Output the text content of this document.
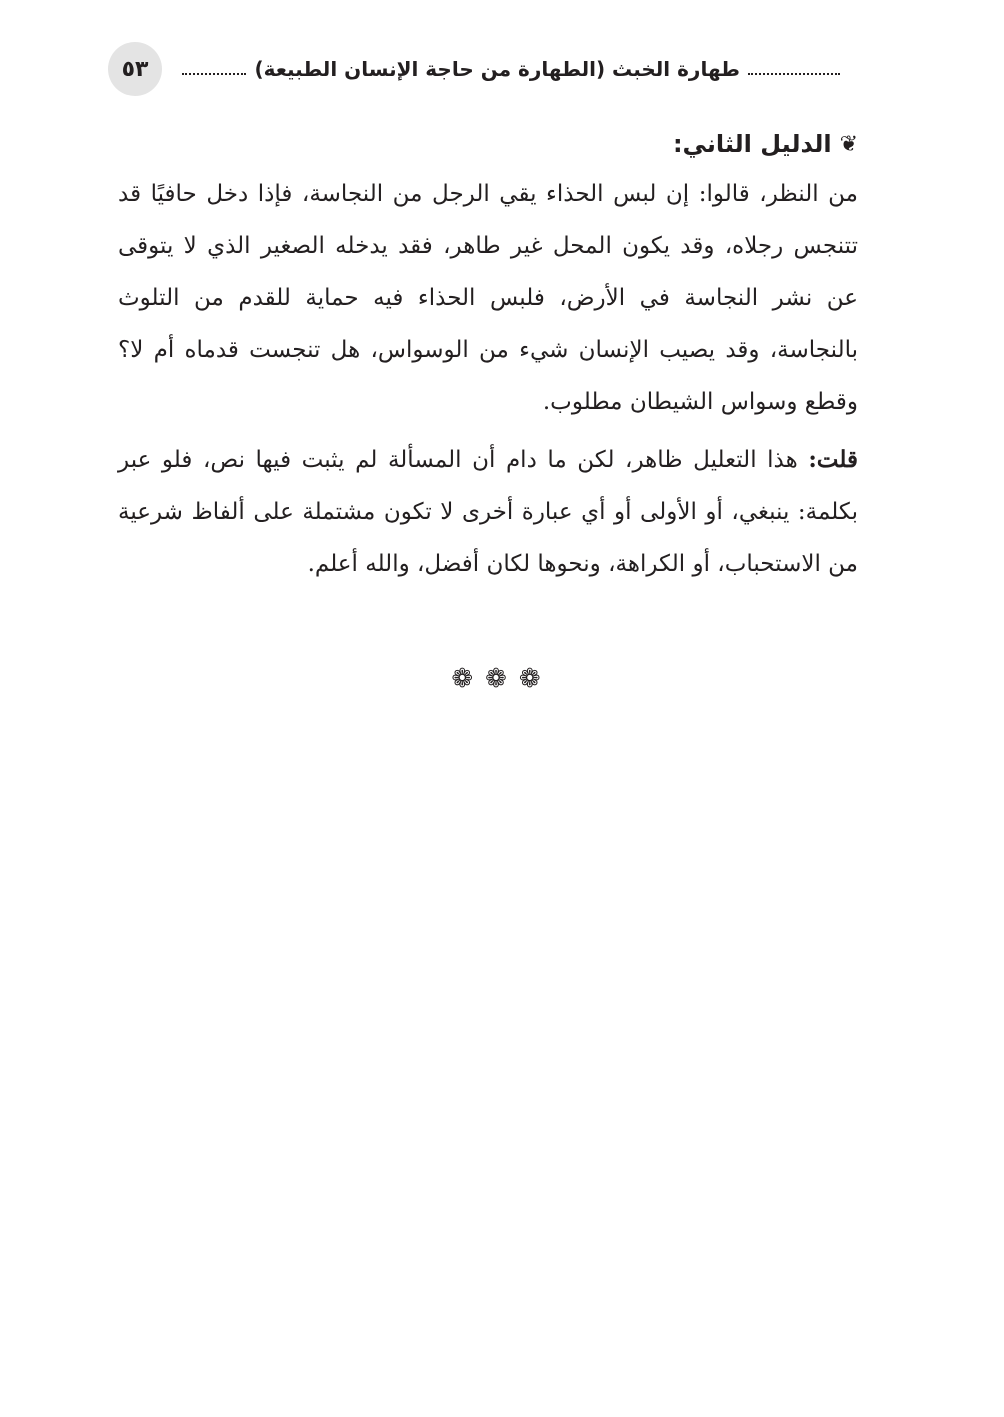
٥٣	طهارة الخبث (الطهارة من حاجة الإنسان الطبيعة)
❦
الدليل الثاني:

من النظر، قالوا: إن لبس الحذاء يقي الرجل من النجاسة، فإذا دخل حافيًا قد تتنجس رجلاه، وقد يكون المحل غير طاهر، فقد يدخله الصغير الذي لا يتوقى عن نشر النجاسة في الأرض، فلبس الحذاء فيه حماية للقدم من التلوث بالنجاسة، وقد يصيب الإنسان شيء من الوسواس، هل تنجست قدماه أم لا؟ وقطع وسواس الشيطان مطلوب.

قلت: هذا التعليل ظاهر، لكن ما دام أن المسألة لم يثبت فيها نص، فلو عبر بكلمة: ينبغي، أو الأولى أو أي عبارة أخرى لا تكون مشتملة على ألفاظ شرعية من الاستحباب، أو الكراهة، ونحوها لكان أفضل، والله أعلم.

❁❁❁
